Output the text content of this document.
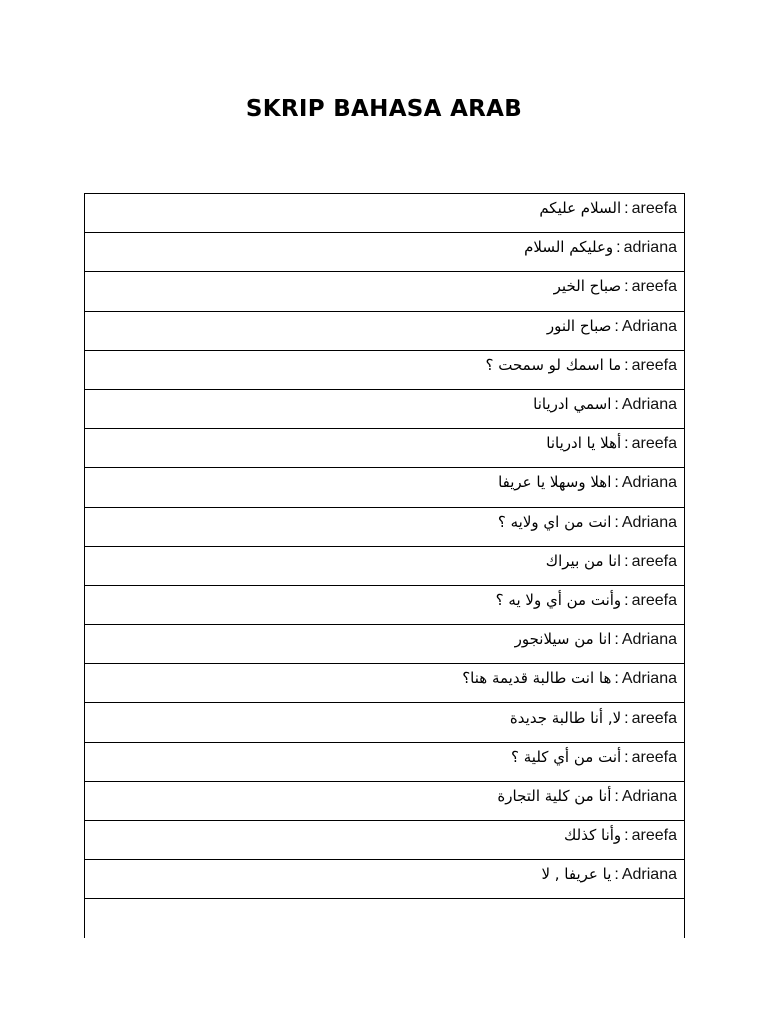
SKRIP BAHASA ARAB
السلام عليكم : areefa
وعليكم السلام : adriana
صباح الخير : areefa
صباح النور : Adriana
ما اسمك لو سمحت ؟ : areefa
اسمي ادريانا : Adriana
أهلا يا ادريانا : areefa
اهلا وسهلا يا عريفا : Adriana
انت من اي ولايه ؟ : Adriana
انا من بيراك : areefa
وأنت من أي ولا يه ؟ : areefa
انا من سيلانجور : Adriana
ها انت طالبة قديمة هنا؟ : Adriana
لا, أنا طالبة جديدة : areefa
أنت من أي كلية ؟ : areefa
أنا من كلية التجارة : Adriana
وأنا كذلك : areefa
يا عريفا , لا : Adriana
